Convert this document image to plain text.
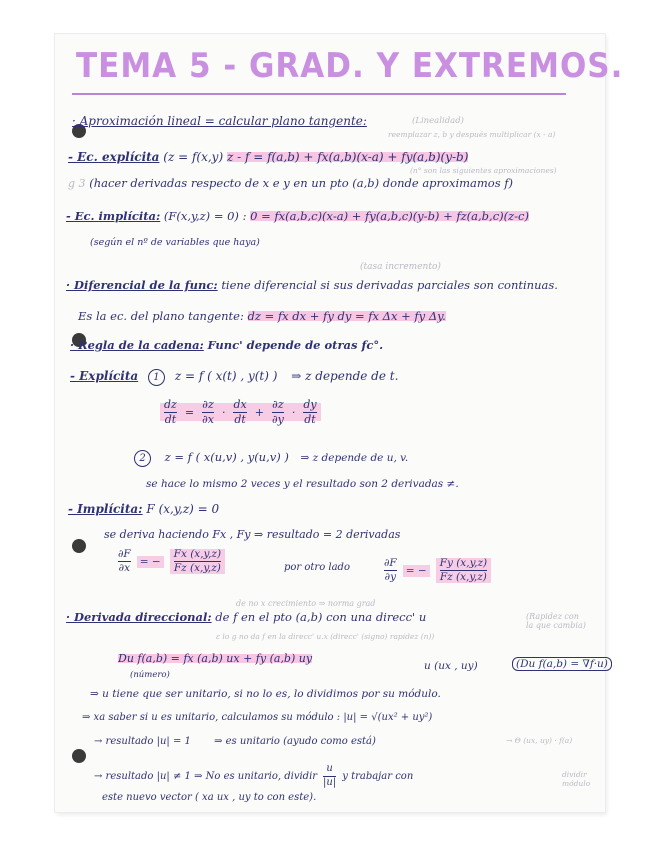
TEMA 5 - GRAD. Y EXTREMOS.
· Aproximación lineal = calcular plano tangente:	(Linealidad)
reemplazar z, b y después multiplicar (x - a)
- Ec. explícita (z = f(x,y) z - f = f(a,b) + fx(a,b)(x-a) + fy(a,b)(y-b)
(n° son las siguientes aproximaciones)
g 3 (hacer derivadas respecto de x e y en un pto (a,b) donde aproximamos f)
- Ec. implícita: (F(x,y,z) = 0) : 0 = fx(a,b,c)(x-a) + fy(a,b,c)(y-b) + fz(a,b,c)(z-c)
(según el nº de variables que haya)
(tasa incremento)
· Diferencial de la func: tiene diferencial si sus derivadas parciales son continuas.
Es la ec. del plano tangente: dz = fx dx + fy dy = fx Δx + fy Δy.
· Regla de la cadena: Func' depende de otras fc°.
- Explícita 1 z = f ( x(t) , y(t) ) ⇒ z depende de t.
$\frac{dz}{dt} = \frac{\partial z}{\partial x} \cdot \frac{dx}{dt} + \frac{\partial z}{\partial y} \cdot \frac{dy}{dt}$
2 z = f ( x(u,v) , y(u,v) ) ⇒ z depende de u, v.
se hace lo mismo 2 veces y el resultado son 2 derivadas ≠.
- Implícita: F (x,y,z) = 0
se deriva haciendo Fx , Fy ⇒ resultado = 2 derivadas
$\frac{\partial F}{\partial x}$ = − $\frac{Fx (x,y,z)}{Fz (x,y,z)}$	por otro lado	$\frac{\partial F}{\partial y}$ = − $\frac{Fy (x,y,z)}{Fz (x,y,z)}$
de no x crecimiento ⇒ norma grad
· Derivada direccional: de f en el pto (a,b) con una direcc' u	(Rapidez con la que cambia)
ε lo g no da f en la direcc' u.x (direcc' (signo) rapidez (n))
Du f(a,b) = fx (a,b) ux + fy (a,b) uy
(número)
u (ux , uy)	(Du f(a,b) = ∇f·u)
⇒ u tiene que ser unitario, si no lo es, lo dividimos por su módulo.
⇒ xa saber si u es unitario, calculamos su módulo : |u| = √(ux² + uy²)
→ resultado |u| = 1 ⇒ es unitario (ayudo como está)	→ Θ (ux, uy) · f(a)
→ resultado |u| ≠ 1 ⇒ No es unitario, dividir $\frac{u}{|u|}$ y trabajar con	dividir módulo
este nuevo vector ( xa ux , uy to con este).
